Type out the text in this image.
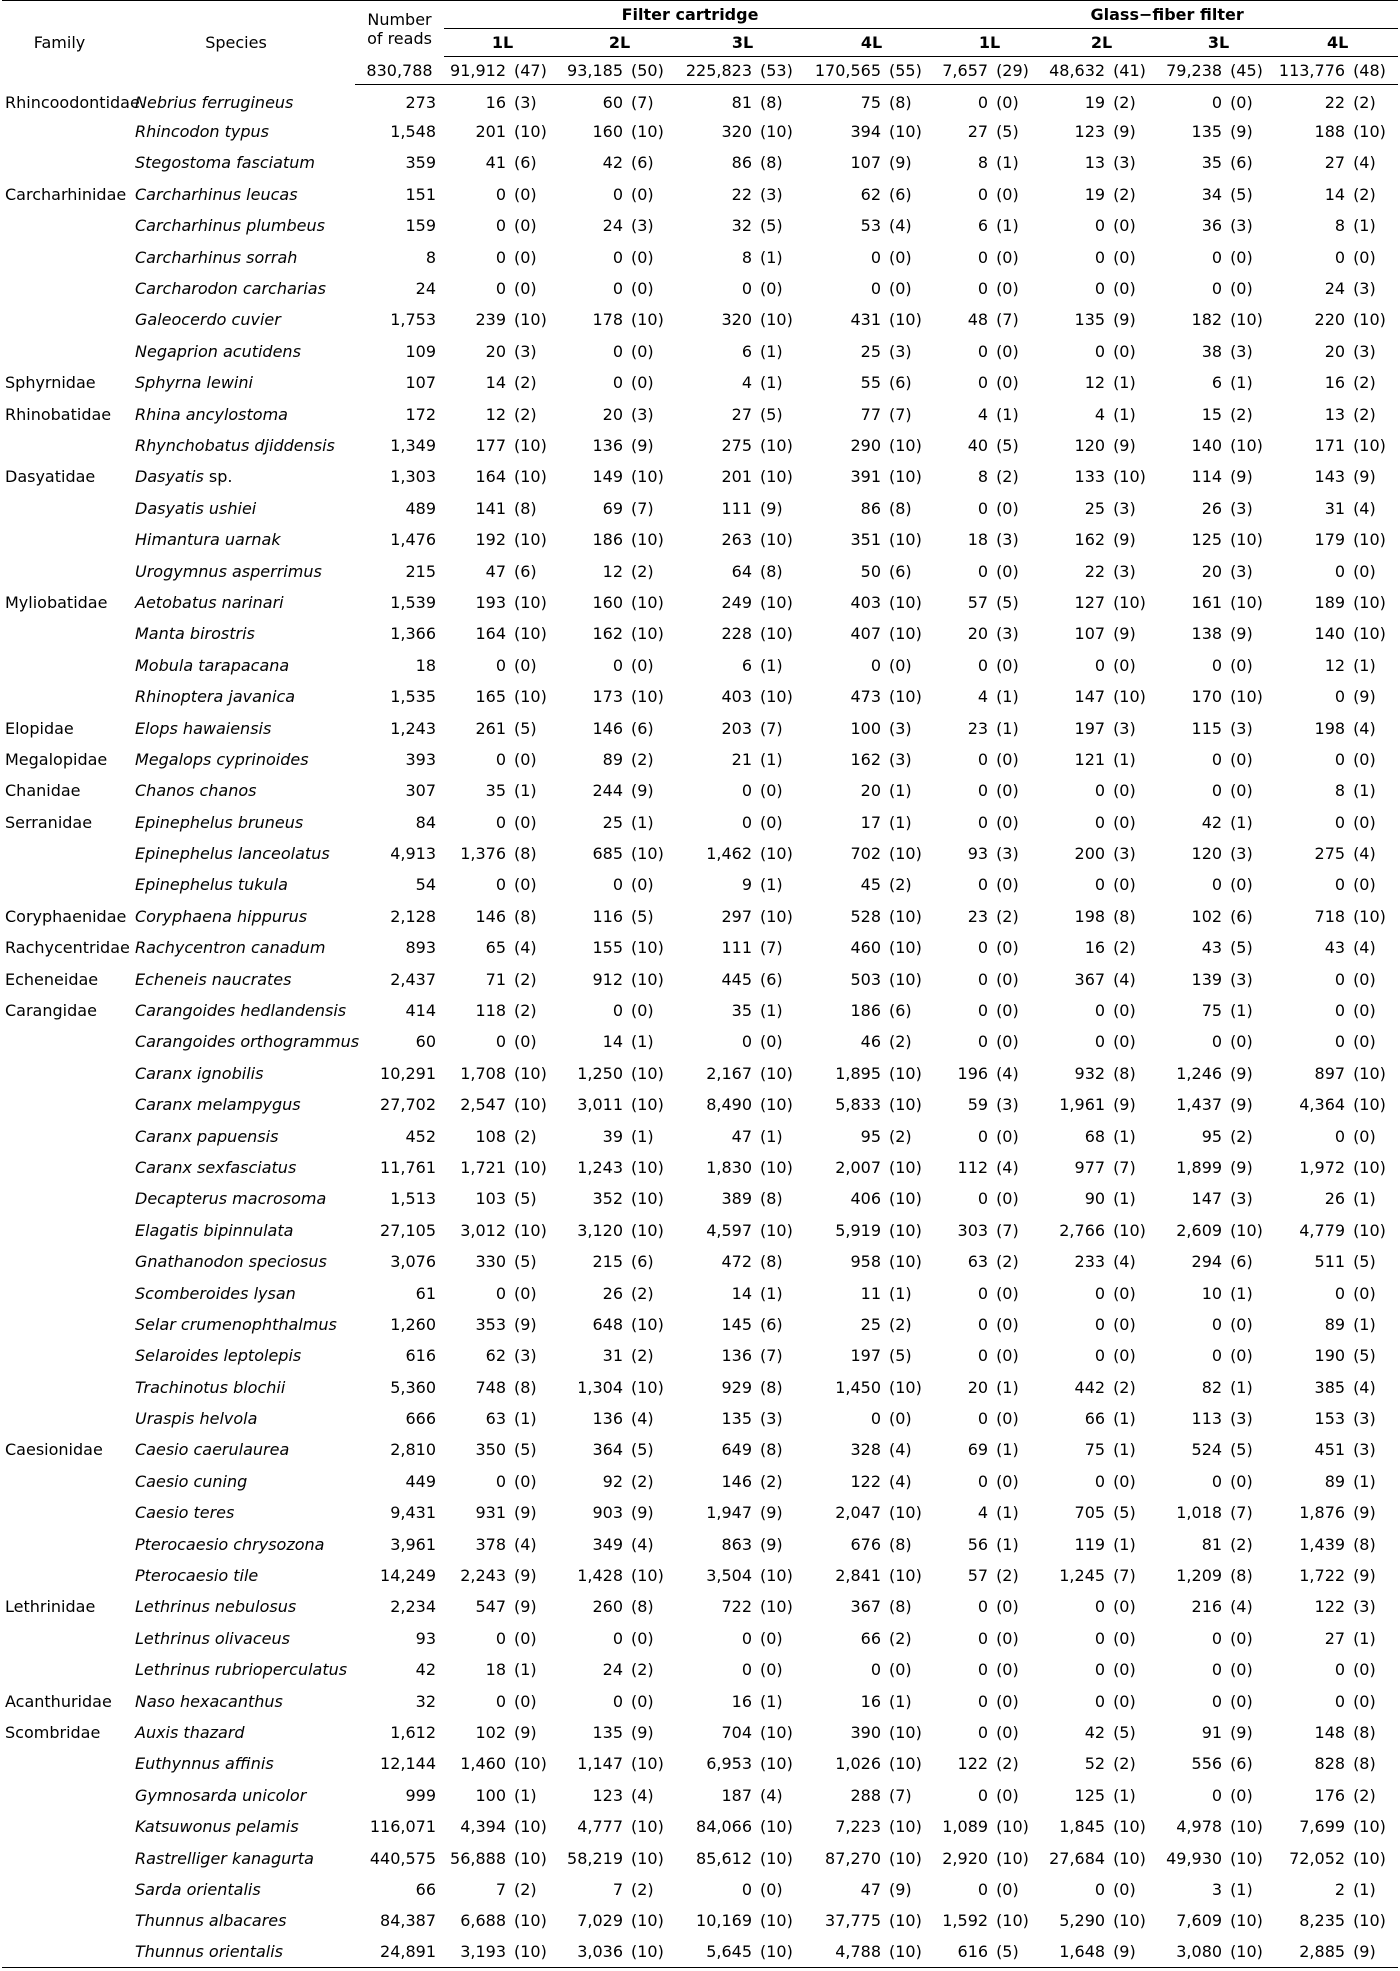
Family	Species	Number
of reads	Filter cartridge								Glass−fiber filter							
			1L		2L		3L		4L		1L		2L		3L		4L	
		830,788	91,912	(47)	93,185	(50)	225,823	(53)	170,565	(55)	7,657	(29)	48,632	(41)	79,238	(45)	113,776	(48)
Rhincoodontidae	Nebrius ferrugineus	273	16	(3)	60	(7)	81	(8)	75	(8)	0	(0)	19	(2)	0	(0)	22	(2)
	Rhincodon typus	1,548	201	(10)	160	(10)	320	(10)	394	(10)	27	(5)	123	(9)	135	(9)	188	(10)
	Stegostoma fasciatum	359	41	(6)	42	(6)	86	(8)	107	(9)	8	(1)	13	(3)	35	(6)	27	(4)
Carcharhinidae	Carcharhinus leucas	151	0	(0)	0	(0)	22	(3)	62	(6)	0	(0)	19	(2)	34	(5)	14	(2)
	Carcharhinus plumbeus	159	0	(0)	24	(3)	32	(5)	53	(4)	6	(1)	0	(0)	36	(3)	8	(1)
	Carcharhinus sorrah	8	0	(0)	0	(0)	8	(1)	0	(0)	0	(0)	0	(0)	0	(0)	0	(0)
	Carcharodon carcharias	24	0	(0)	0	(0)	0	(0)	0	(0)	0	(0)	0	(0)	0	(0)	24	(3)
	Galeocerdo cuvier	1,753	239	(10)	178	(10)	320	(10)	431	(10)	48	(7)	135	(9)	182	(10)	220	(10)
	Negaprion acutidens	109	20	(3)	0	(0)	6	(1)	25	(3)	0	(0)	0	(0)	38	(3)	20	(3)
Sphyrnidae	Sphyrna lewini	107	14	(2)	0	(0)	4	(1)	55	(6)	0	(0)	12	(1)	6	(1)	16	(2)
Rhinobatidae	Rhina ancylostoma	172	12	(2)	20	(3)	27	(5)	77	(7)	4	(1)	4	(1)	15	(2)	13	(2)
	Rhynchobatus djiddensis	1,349	177	(10)	136	(9)	275	(10)	290	(10)	40	(5)	120	(9)	140	(10)	171	(10)
Dasyatidae	Dasyatis sp.	1,303	164	(10)	149	(10)	201	(10)	391	(10)	8	(2)	133	(10)	114	(9)	143	(9)
	Dasyatis ushiei	489	141	(8)	69	(7)	111	(9)	86	(8)	0	(0)	25	(3)	26	(3)	31	(4)
	Himantura uarnak	1,476	192	(10)	186	(10)	263	(10)	351	(10)	18	(3)	162	(9)	125	(10)	179	(10)
	Urogymnus asperrimus	215	47	(6)	12	(2)	64	(8)	50	(6)	0	(0)	22	(3)	20	(3)	0	(0)
Myliobatidae	Aetobatus narinari	1,539	193	(10)	160	(10)	249	(10)	403	(10)	57	(5)	127	(10)	161	(10)	189	(10)
	Manta birostris	1,366	164	(10)	162	(10)	228	(10)	407	(10)	20	(3)	107	(9)	138	(9)	140	(10)
	Mobula tarapacana	18	0	(0)	0	(0)	6	(1)	0	(0)	0	(0)	0	(0)	0	(0)	12	(1)
	Rhinoptera javanica	1,535	165	(10)	173	(10)	403	(10)	473	(10)	4	(1)	147	(10)	170	(10)	0	(9)
Elopidae	Elops hawaiensis	1,243	261	(5)	146	(6)	203	(7)	100	(3)	23	(1)	197	(3)	115	(3)	198	(4)
Megalopidae	Megalops cyprinoides	393	0	(0)	89	(2)	21	(1)	162	(3)	0	(0)	121	(1)	0	(0)	0	(0)
Chanidae	Chanos chanos	307	35	(1)	244	(9)	0	(0)	20	(1)	0	(0)	0	(0)	0	(0)	8	(1)
Serranidae	Epinephelus bruneus	84	0	(0)	25	(1)	0	(0)	17	(1)	0	(0)	0	(0)	42	(1)	0	(0)
	Epinephelus lanceolatus	4,913	1,376	(8)	685	(10)	1,462	(10)	702	(10)	93	(3)	200	(3)	120	(3)	275	(4)
	Epinephelus tukula	54	0	(0)	0	(0)	9	(1)	45	(2)	0	(0)	0	(0)	0	(0)	0	(0)
Coryphaenidae	Coryphaena hippurus	2,128	146	(8)	116	(5)	297	(10)	528	(10)	23	(2)	198	(8)	102	(6)	718	(10)
Rachycentridae	Rachycentron canadum	893	65	(4)	155	(10)	111	(7)	460	(10)	0	(0)	16	(2)	43	(5)	43	(4)
Echeneidae	Echeneis naucrates	2,437	71	(2)	912	(10)	445	(6)	503	(10)	0	(0)	367	(4)	139	(3)	0	(0)
Carangidae	Carangoides hedlandensis	414	118	(2)	0	(0)	35	(1)	186	(6)	0	(0)	0	(0)	75	(1)	0	(0)
	Carangoides orthogrammus	60	0	(0)	14	(1)	0	(0)	46	(2)	0	(0)	0	(0)	0	(0)	0	(0)
	Caranx ignobilis	10,291	1,708	(10)	1,250	(10)	2,167	(10)	1,895	(10)	196	(4)	932	(8)	1,246	(9)	897	(10)
	Caranx melampygus	27,702	2,547	(10)	3,011	(10)	8,490	(10)	5,833	(10)	59	(3)	1,961	(9)	1,437	(9)	4,364	(10)
	Caranx papuensis	452	108	(2)	39	(1)	47	(1)	95	(2)	0	(0)	68	(1)	95	(2)	0	(0)
	Caranx sexfasciatus	11,761	1,721	(10)	1,243	(10)	1,830	(10)	2,007	(10)	112	(4)	977	(7)	1,899	(9)	1,972	(10)
	Decapterus macrosoma	1,513	103	(5)	352	(10)	389	(8)	406	(10)	0	(0)	90	(1)	147	(3)	26	(1)
	Elagatis bipinnulata	27,105	3,012	(10)	3,120	(10)	4,597	(10)	5,919	(10)	303	(7)	2,766	(10)	2,609	(10)	4,779	(10)
	Gnathanodon speciosus	3,076	330	(5)	215	(6)	472	(8)	958	(10)	63	(2)	233	(4)	294	(6)	511	(5)
	Scomberoides lysan	61	0	(0)	26	(2)	14	(1)	11	(1)	0	(0)	0	(0)	10	(1)	0	(0)
	Selar crumenophthalmus	1,260	353	(9)	648	(10)	145	(6)	25	(2)	0	(0)	0	(0)	0	(0)	89	(1)
	Selaroides leptolepis	616	62	(3)	31	(2)	136	(7)	197	(5)	0	(0)	0	(0)	0	(0)	190	(5)
	Trachinotus blochii	5,360	748	(8)	1,304	(10)	929	(8)	1,450	(10)	20	(1)	442	(2)	82	(1)	385	(4)
	Uraspis helvola	666	63	(1)	136	(4)	135	(3)	0	(0)	0	(0)	66	(1)	113	(3)	153	(3)
Caesionidae	Caesio caerulaurea	2,810	350	(5)	364	(5)	649	(8)	328	(4)	69	(1)	75	(1)	524	(5)	451	(3)
	Caesio cuning	449	0	(0)	92	(2)	146	(2)	122	(4)	0	(0)	0	(0)	0	(0)	89	(1)
	Caesio teres	9,431	931	(9)	903	(9)	1,947	(9)	2,047	(10)	4	(1)	705	(5)	1,018	(7)	1,876	(9)
	Pterocaesio chrysozona	3,961	378	(4)	349	(4)	863	(9)	676	(8)	56	(1)	119	(1)	81	(2)	1,439	(8)
	Pterocaesio tile	14,249	2,243	(9)	1,428	(10)	3,504	(10)	2,841	(10)	57	(2)	1,245	(7)	1,209	(8)	1,722	(9)
Lethrinidae	Lethrinus nebulosus	2,234	547	(9)	260	(8)	722	(10)	367	(8)	0	(0)	0	(0)	216	(4)	122	(3)
	Lethrinus olivaceus	93	0	(0)	0	(0)	0	(0)	66	(2)	0	(0)	0	(0)	0	(0)	27	(1)
	Lethrinus rubrioperculatus	42	18	(1)	24	(2)	0	(0)	0	(0)	0	(0)	0	(0)	0	(0)	0	(0)
Acanthuridae	Naso hexacanthus	32	0	(0)	0	(0)	16	(1)	16	(1)	0	(0)	0	(0)	0	(0)	0	(0)
Scombridae	Auxis thazard	1,612	102	(9)	135	(9)	704	(10)	390	(10)	0	(0)	42	(5)	91	(9)	148	(8)
	Euthynnus affinis	12,144	1,460	(10)	1,147	(10)	6,953	(10)	1,026	(10)	122	(2)	52	(2)	556	(6)	828	(8)
	Gymnosarda unicolor	999	100	(1)	123	(4)	187	(4)	288	(7)	0	(0)	125	(1)	0	(0)	176	(2)
	Katsuwonus pelamis	116,071	4,394	(10)	4,777	(10)	84,066	(10)	7,223	(10)	1,089	(10)	1,845	(10)	4,978	(10)	7,699	(10)
	Rastrelliger kanagurta	440,575	56,888	(10)	58,219	(10)	85,612	(10)	87,270	(10)	2,920	(10)	27,684	(10)	49,930	(10)	72,052	(10)
	Sarda orientalis	66	7	(2)	7	(2)	0	(0)	47	(9)	0	(0)	0	(0)	3	(1)	2	(1)
	Thunnus albacares	84,387	6,688	(10)	7,029	(10)	10,169	(10)	37,775	(10)	1,592	(10)	5,290	(10)	7,609	(10)	8,235	(10)
	Thunnus orientalis	24,891	3,193	(10)	3,036	(10)	5,645	(10)	4,788	(10)	616	(5)	1,648	(9)	3,080	(10)	2,885	(9)
